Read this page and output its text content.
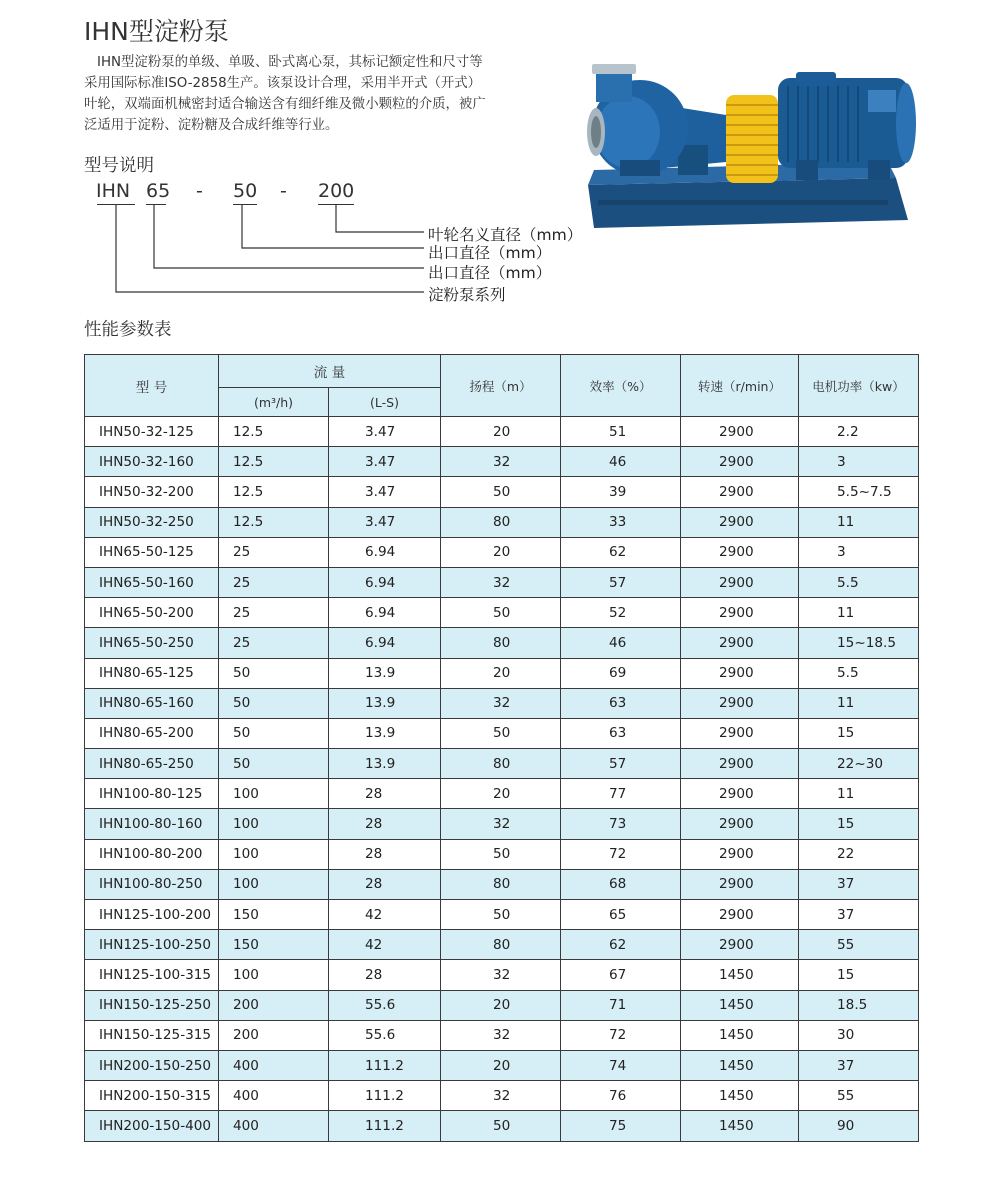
IHN型淀粉泵
IHN型淀粉泵的单级、单吸、卧式离心泵，其标记额定性和尺寸等
采用国际标准ISO-2858生产。该泵设计合理，采用半开式（开式）
叶轮，双端面机械密封适合输送含有细纤维及微小颗粒的介质，被广
泛适用于淀粉、淀粉糖及合成纤维等行业。
型号说明
IHN 65 - 50 - 200
叶轮名义直径（mm）
出口直径（mm）
出口直径（mm）
淀粉泵系列
性能参数表
型 号	流 量		扬程（m）	效率（%）	转速（r/min）	电机功率（kw）
	(m³/h)	(L-S)				
IHN50-32-125	12.5	3.47	20	51	2900	2.2
IHN50-32-160	12.5	3.47	32	46	2900	3
IHN50-32-200	12.5	3.47	50	39	2900	5.5~7.5
IHN50-32-250	12.5	3.47	80	33	2900	11
IHN65-50-125	25	6.94	20	62	2900	3
IHN65-50-160	25	6.94	32	57	2900	5.5
IHN65-50-200	25	6.94	50	52	2900	11
IHN65-50-250	25	6.94	80	46	2900	15~18.5
IHN80-65-125	50	13.9	20	69	2900	5.5
IHN80-65-160	50	13.9	32	63	2900	11
IHN80-65-200	50	13.9	50	63	2900	15
IHN80-65-250	50	13.9	80	57	2900	22~30
IHN100-80-125	100	28	20	77	2900	11
IHN100-80-160	100	28	32	73	2900	15
IHN100-80-200	100	28	50	72	2900	22
IHN100-80-250	100	28	80	68	2900	37
IHN125-100-200	150	42	50	65	2900	37
IHN125-100-250	150	42	80	62	2900	55
IHN125-100-315	100	28	32	67	1450	15
IHN150-125-250	200	55.6	20	71	1450	18.5
IHN150-125-315	200	55.6	32	72	1450	30
IHN200-150-250	400	111.2	20	74	1450	37
IHN200-150-315	400	111.2	32	76	1450	55
IHN200-150-400	400	111.2	50	75	1450	90
